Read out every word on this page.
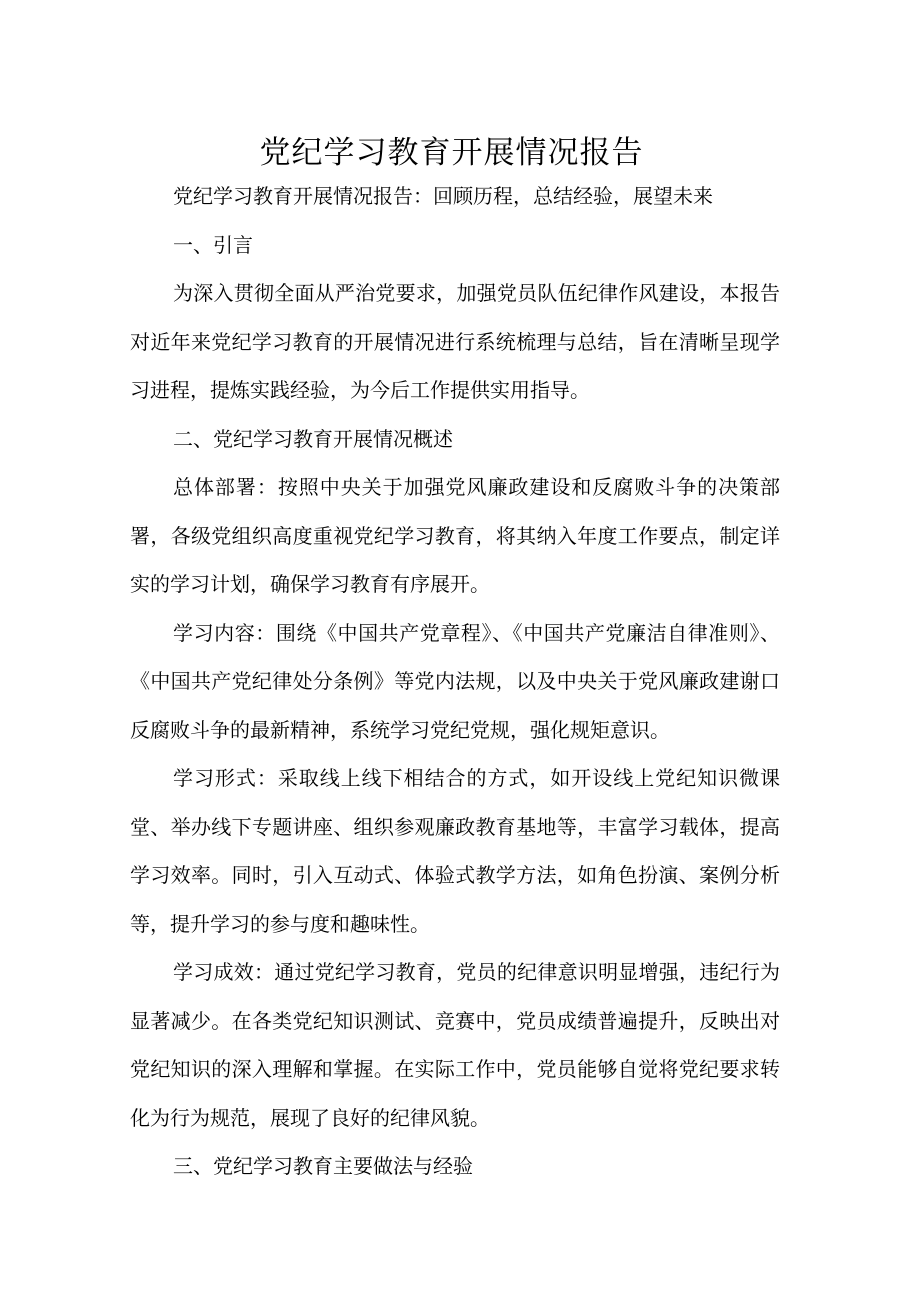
党纪学习教育开展情况报告

党纪学习教育开展情况报告：回顾历程，总结经验，展望未来

一、引言

为深入贯彻全面从严治党要求，加强党员队伍纪律作风建设，本报告对近年来党纪学习教育的开展情况进行系统梳理与总结，旨在清晰呈现学习进程，提炼实践经验，为今后工作提供实用指导。

二、党纪学习教育开展情况概述

总体部署：按照中央关于加强党风廉政建设和反腐败斗争的决策部署，各级党组织高度重视党纪学习教育，将其纳入年度工作要点，制定详实的学习计划，确保学习教育有序展开。

学习内容：围绕《中国共产党章程》、《中国共产党廉洁自律准则》、《中国共产党纪律处分条例》等党内法规，以及中央关于党风廉政建谢口反腐败斗争的最新精神，系统学习党纪党规，强化规矩意识。

学习形式：采取线上线下相结合的方式，如开设线上党纪知识微课堂、举办线下专题讲座、组织参观廉政教育基地等，丰富学习载体，提高学习效率。同时，引入互动式、体验式教学方法，如角色扮演、案例分析等，提升学习的参与度和趣味性。

学习成效：通过党纪学习教育，党员的纪律意识明显增强，违纪行为显著减少。在各类党纪知识测试、竞赛中，党员成绩普遍提升，反映出对党纪知识的深入理解和掌握。在实际工作中，党员能够自觉将党纪要求转化为行为规范，展现了良好的纪律风貌。

三、党纪学习教育主要做法与经验
